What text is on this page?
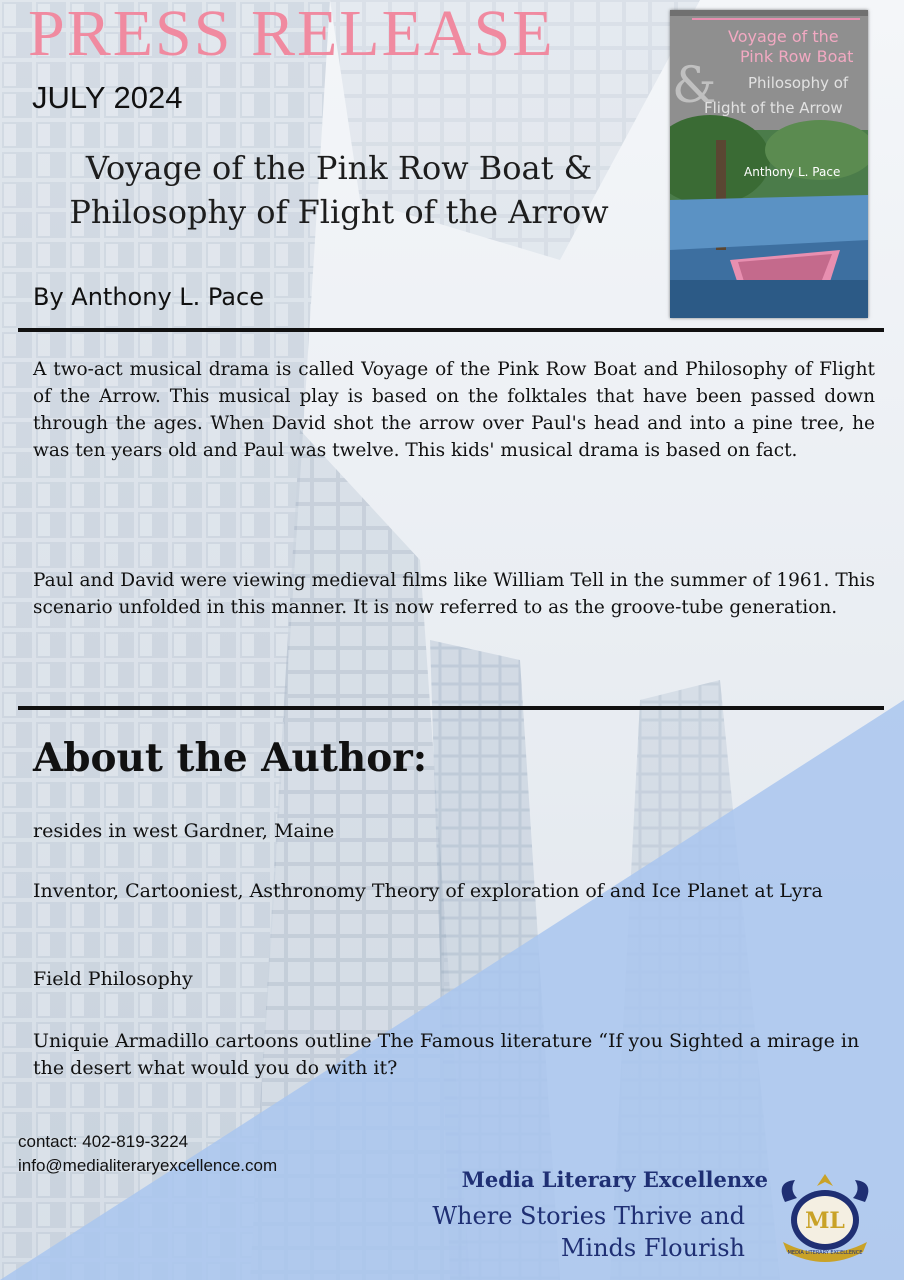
PRESS RELEASE
JULY 2024
Voyage of the Pink Row Boat &
Philosophy of Flight of the Arrow
By Anthony L. Pace
Voyage of the
Pink Row Boat
& Philosophy of
Flight of the Arrow
Anthony L. Pace
A two-act musical drama is called Voyage of the Pink Row Boat and Philosophy of Flight of the Arrow. This musical play is based on the folktales that have been passed down through the ages. When David shot the arrow over Paul's head and into a pine tree, he was ten years old and Paul was twelve. This kids' musical drama is based on fact.
Paul and David were viewing medieval films like William Tell in the summer of 1961. This scenario unfolded in this manner. It is now referred to as the groove-tube generation.
About the Author:
resides in west Gardner, Maine
Inventor, Cartooniest, Asthronomy Theory of exploration of and Ice Planet at Lyra
Field Philosophy
Uniquie Armadillo cartoons outline The Famous literature “If you Sighted a mirage in the desert what would you do with it?
contact: 402-819-3224
info@medialiteraryexcellence.com
Media Literary Excellenxe
Where Stories Thrive and
Minds Flourish
ML
MEDIA LITERARY EXCELLENCE
